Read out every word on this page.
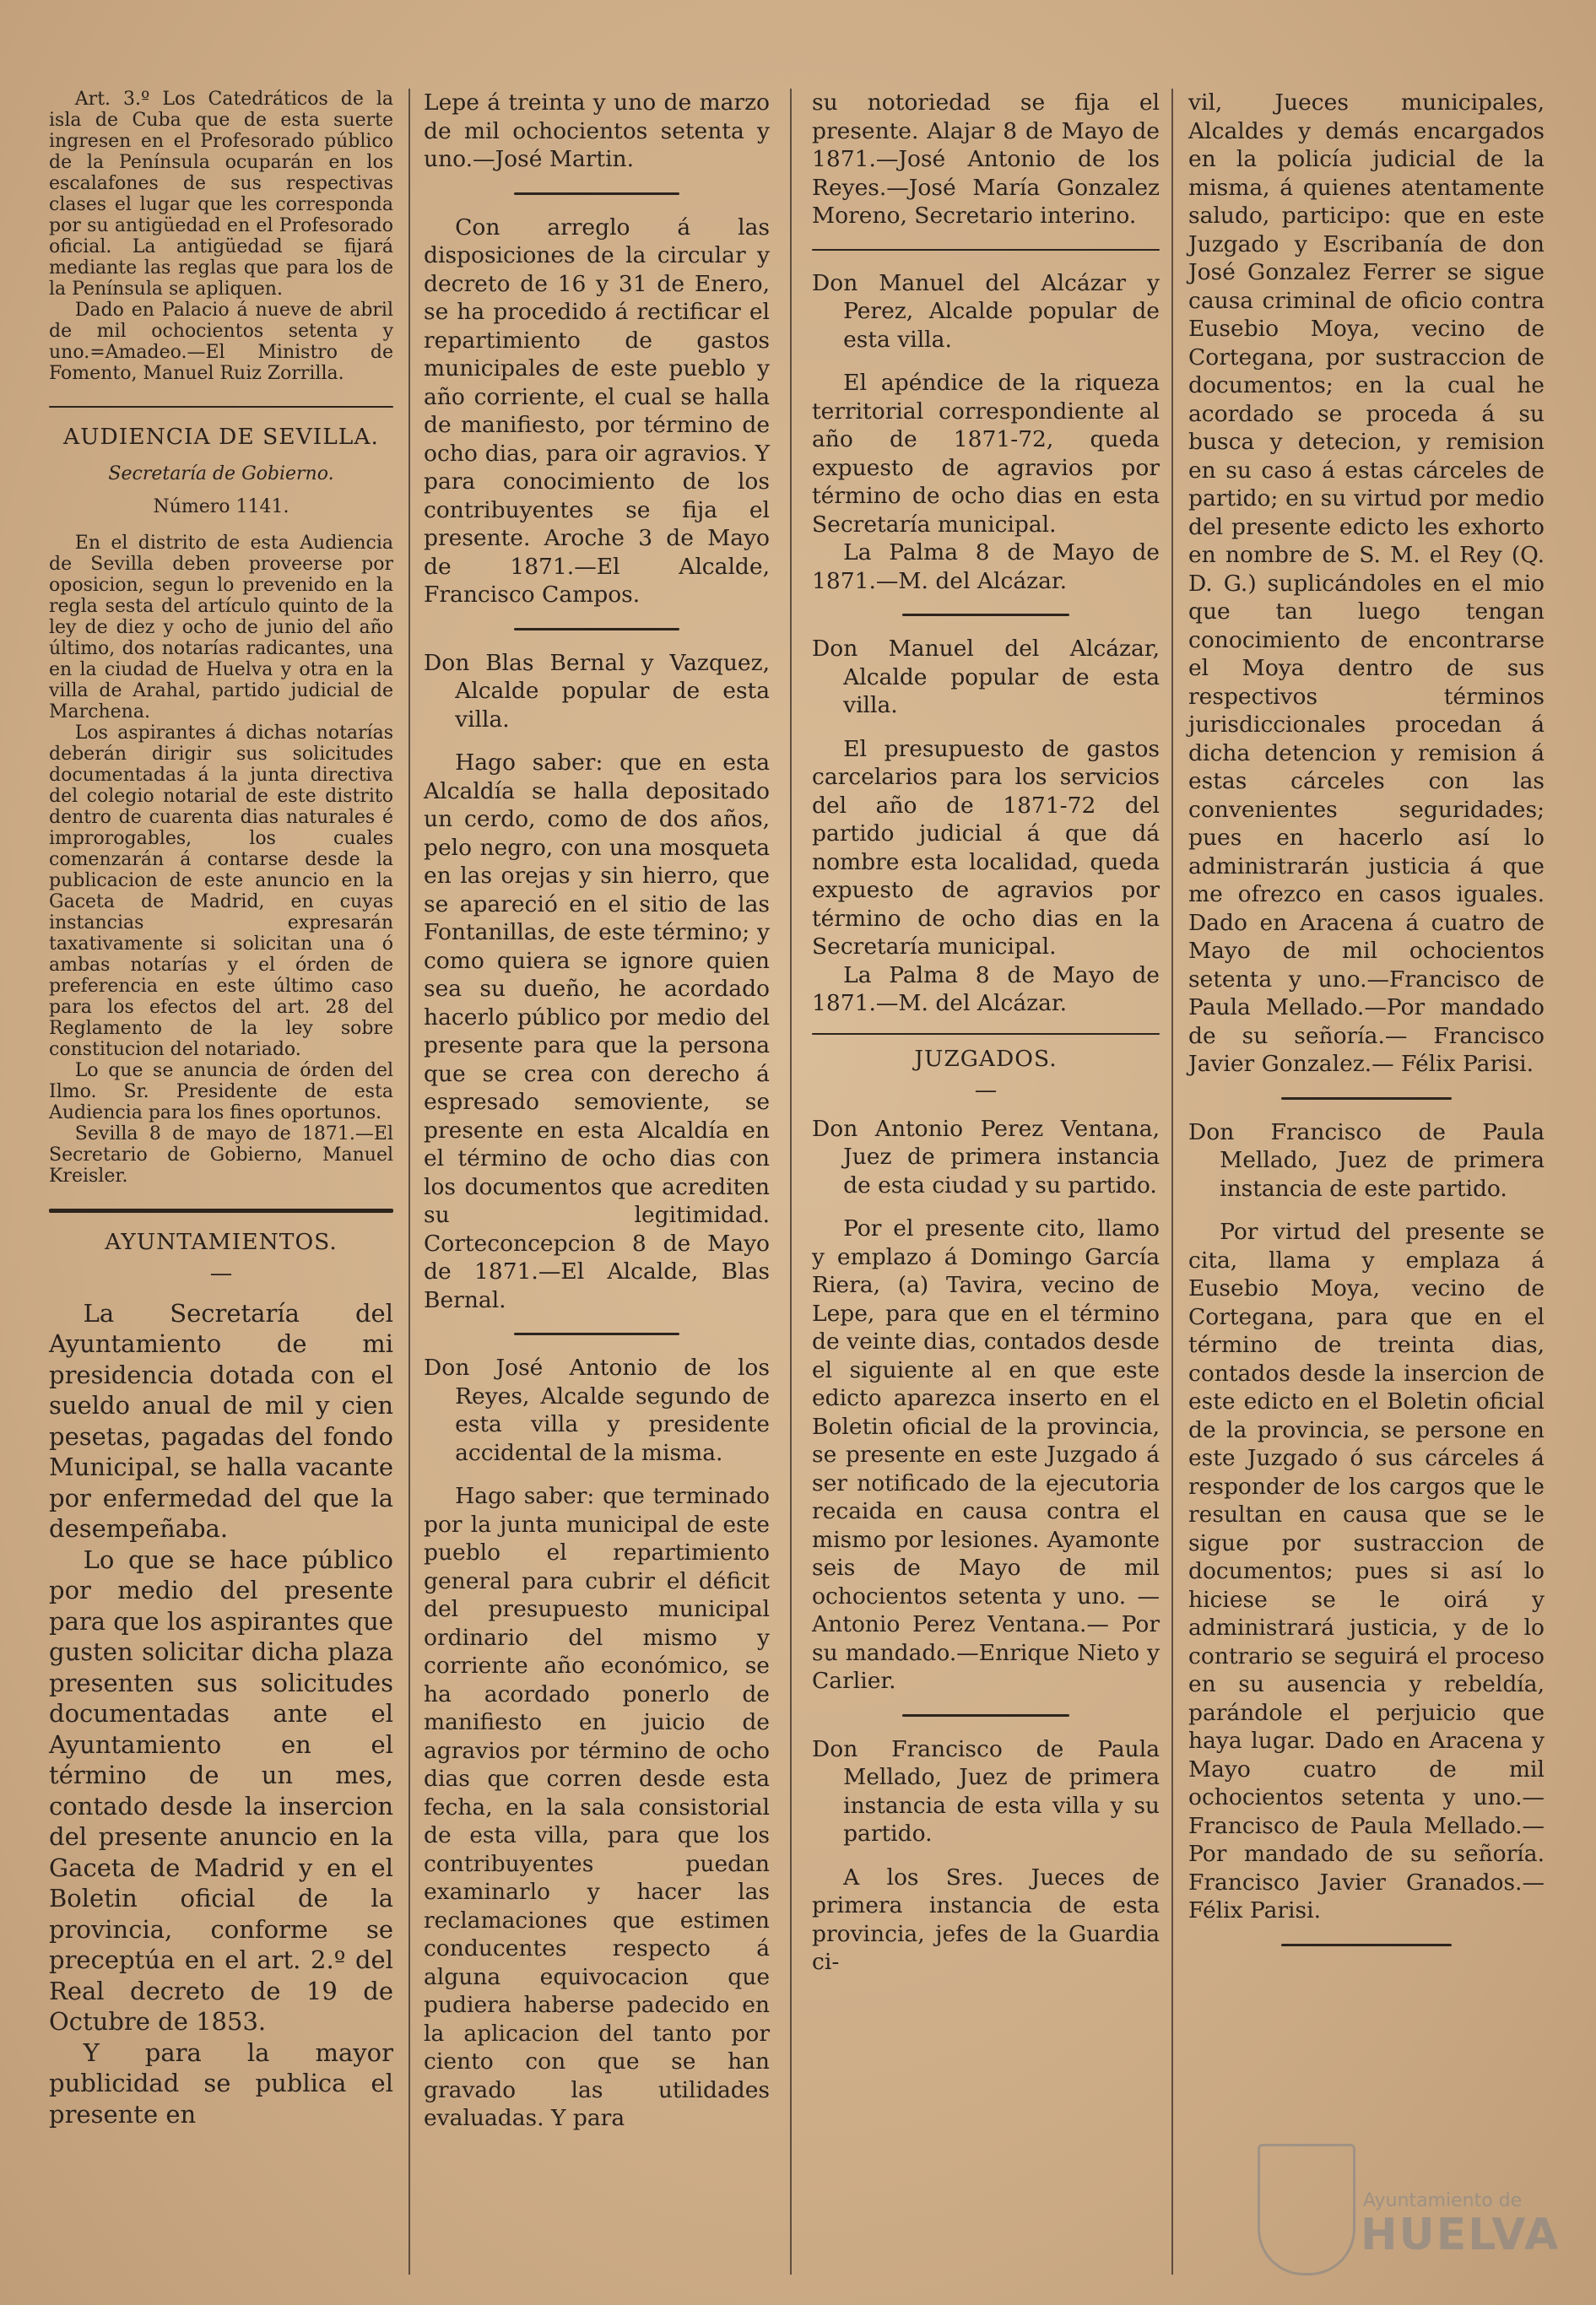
Art. 3.º Los Catedráticos de la isla de Cuba que de esta suerte ingresen en el Profesorado público de la Península ocuparán en los escalafones de sus respectivas clases el lugar que les corresponda por su antigüedad en el Profesorado oficial. La antigüedad se fijará mediante las reglas que para los de la Península se apliquen.

Dado en Palacio á nueve de abril de mil ochocientos setenta y uno.=Amadeo.—El Ministro de Fomento, Manuel Ruiz Zorrilla.

AUDIENCIA DE SEVILLA.

Secretaría de Gobierno.

Número 1141.

En el distrito de esta Audiencia de Sevilla deben proveerse por oposicion, segun lo prevenido en la regla sesta del artículo quinto de la ley de diez y ocho de junio del año último, dos notarías radicantes, una en la ciudad de Huelva y otra en la villa de Arahal, partido judicial de Marchena.

Los aspirantes á dichas notarías deberán dirigir sus solicitudes documentadas á la junta directiva del colegio notarial de este distrito dentro de cuarenta dias naturales é improrogables, los cuales comenzarán á contarse desde la publicacion de este anuncio en la Gaceta de Madrid, en cuyas instancias expresarán taxativamente si solicitan una ó ambas notarías y el órden de preferencia en este último caso para los efectos del art. 28 del Reglamento de la ley sobre constitucion del notariado.

Lo que se anuncia de órden del Ilmo. Sr. Presidente de esta Audiencia para los fines oportunos.

Sevilla 8 de mayo de 1871.—El Secretario de Gobierno, Manuel Kreisler.

AYUNTAMIENTOS.

—

La Secretaría del Ayuntamiento de mi presidencia dotada con el sueldo anual de mil y cien pesetas, pagadas del fondo Municipal, se halla vacante por enfermedad del que la desempeñaba.

Lo que se hace público por medio del presente para que los aspirantes que gusten solicitar dicha plaza presenten sus solicitudes documentadas ante el Ayuntamiento en el término de un mes, contado desde la insercion del presente anuncio en la Gaceta de Madrid y en el Boletin oficial de la provincia, conforme se preceptúa en el art. 2.º del Real decreto de 19 de Octubre de 1853.

Y para la mayor publicidad se publica el presente en

Lepe á treinta y uno de marzo de mil ochocientos setenta y uno.—José Martin.

Con arreglo á las disposiciones de la circular y decreto de 16 y 31 de Enero, se ha procedido á rectificar el repartimiento de gastos municipales de este pueblo y año corriente, el cual se halla de manifiesto, por término de ocho dias, para oir agravios. Y para conocimiento de los contribuyentes se fija el presente. Aroche 3 de Mayo de 1871.—El Alcalde, Francisco Campos.

Don Blas Bernal y Vazquez, Alcalde popular de esta villa.

Hago saber: que en esta Alcaldía se halla depositado un cerdo, como de dos años, pelo negro, con una mosqueta en las orejas y sin hierro, que se apareció en el sitio de las Fontanillas, de este término; y como quiera se ignore quien sea su dueño, he acordado hacerlo público por medio del presente para que la persona que se crea con derecho á espresado semoviente, se presente en esta Alcaldía en el término de ocho dias con los documentos que acrediten su legitimidad. Corteconcepcion 8 de Mayo de 1871.—El Alcalde, Blas Bernal.

Don José Antonio de los Reyes, Alcalde segundo de esta villa y presidente accidental de la misma.

Hago saber: que terminado por la junta municipal de este pueblo el repartimiento general para cubrir el déficit del presupuesto municipal ordinario del mismo y corriente año económico, se ha acordado ponerlo de manifiesto en juicio de agravios por término de ocho dias que corren desde esta fecha, en la sala consistorial de esta villa, para que los contribuyentes puedan examinarlo y hacer las reclamaciones que estimen conducentes respecto á alguna equivocacion que pudiera haberse padecido en la aplicacion del tanto por ciento con que se han gravado las utilidades evaluadas. Y para

su notoriedad se fija el presente. Alajar 8 de Mayo de 1871.—José Antonio de los Reyes.—José María Gonzalez Moreno, Secretario interino.

Don Manuel del Alcázar y Perez, Alcalde popular de esta villa.

El apéndice de la riqueza territorial correspondiente al año de 1871-72, queda expuesto de agravios por término de ocho dias en esta Secretaría municipal.

La Palma 8 de Mayo de 1871.—M. del Alcázar.

Don Manuel del Alcázar, Alcalde popular de esta villa.

El presupuesto de gastos carcelarios para los servicios del año de 1871-72 del partido judicial á que dá nombre esta localidad, queda expuesto de agravios por término de ocho dias en la Secretaría municipal.

La Palma 8 de Mayo de 1871.—M. del Alcázar.

JUZGADOS.

—

Don Antonio Perez Ventana, Juez de primera instancia de esta ciudad y su partido.

Por el presente cito, llamo y emplazo á Domingo García Riera, (a) Tavira, vecino de Lepe, para que en el término de veinte dias, contados desde el siguiente al en que este edicto aparezca inserto en el Boletin oficial de la provincia, se presente en este Juzgado á ser notificado de la ejecutoria recaida en causa contra el mismo por lesiones. Ayamonte seis de Mayo de mil ochocientos setenta y uno. —Antonio Perez Ventana.— Por su mandado.—Enrique Nieto y Carlier.

Don Francisco de Paula Mellado, Juez de primera instancia de esta villa y su partido.

A los Sres. Jueces de primera instancia de esta provincia, jefes de la Guardia ci-

vil, Jueces municipales, Alcaldes y demás encargados en la policía judicial de la misma, á quienes atentamente saludo, participo: que en este Juzgado y Escribanía de don José Gonzalez Ferrer se sigue causa criminal de oficio contra Eusebio Moya, vecino de Cortegana, por sustraccion de documentos; en la cual he acordado se proceda á su busca y detecion, y remision en su caso á estas cárceles de partido; en su virtud por medio del presente edicto les exhorto en nombre de S. M. el Rey (Q. D. G.) suplicándoles en el mio que tan luego tengan conocimiento de encontrarse el Moya dentro de sus respectivos términos jurisdiccionales procedan á dicha detencion y remision á estas cárceles con las convenientes seguridades; pues en hacerlo así lo administrarán justicia á que me ofrezco en casos iguales. Dado en Aracena á cuatro de Mayo de mil ochocientos setenta y uno.—Francisco de Paula Mellado.—Por mandado de su señoría.— Francisco Javier Gonzalez.— Félix Parisi.

Don Francisco de Paula Mellado, Juez de primera instancia de este partido.

Por virtud del presente se cita, llama y emplaza á Eusebio Moya, vecino de Cortegana, para que en el término de treinta dias, contados desde la insercion de este edicto en el Boletin oficial de la provincia, se persone en este Juzgado ó sus cárceles á responder de los cargos que le resultan en causa que se le sigue por sustraccion de documentos; pues si así lo hiciese se le oirá y administrará justicia, y de lo contrario se seguirá el proceso en su ausencia y rebeldía, parándole el perjuicio que haya lugar. Dado en Aracena y Mayo cuatro de mil ochocientos setenta y uno.—Francisco de Paula Mellado.—Por mandado de su señoría. Francisco Javier Granados.—Félix Parisi.

Ayuntamiento de
HUELVA
